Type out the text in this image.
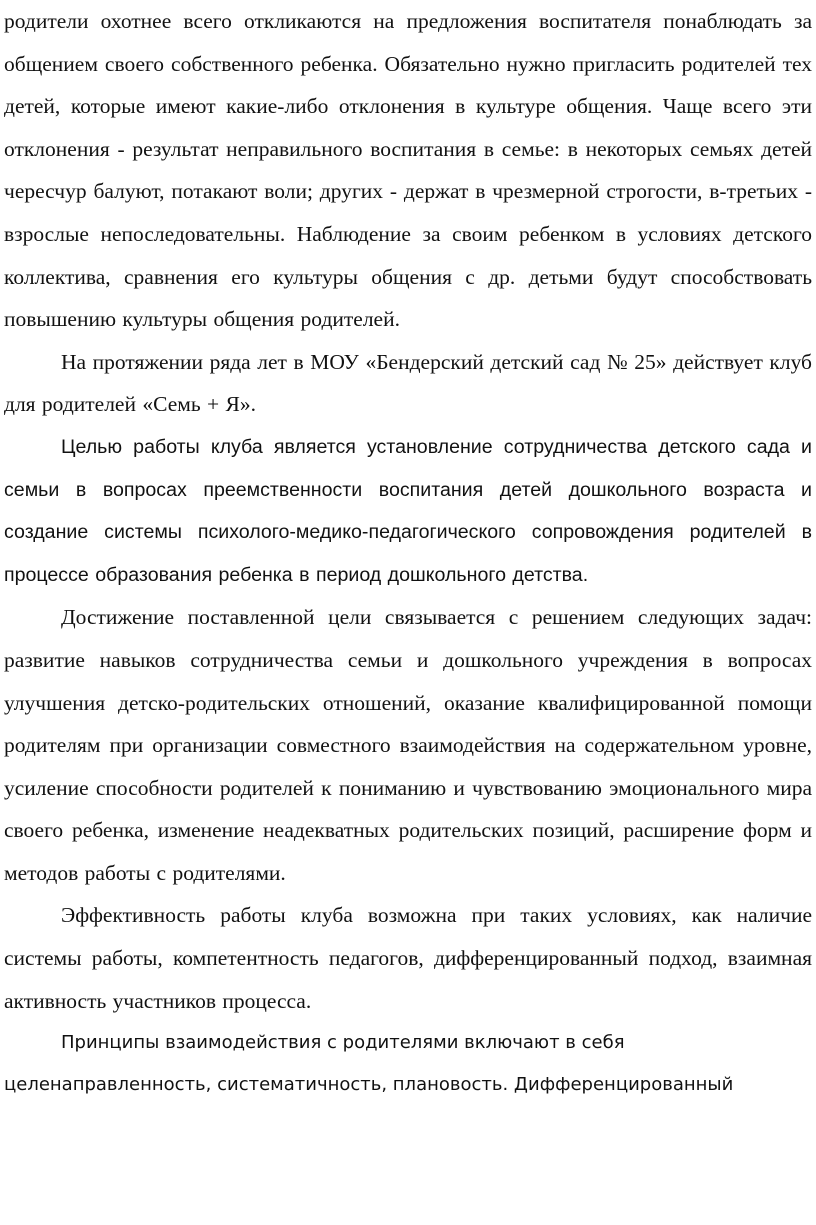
родители охотнее всего откликаются на предложения воспитателя понаблюдать за общением своего собственного ребенка. Обязательно нужно пригласить родителей тех детей, которые имеют какие-либо отклонения в культуре общения. Чаще всего эти отклонения - результат неправильного воспитания в семье: в некоторых семьях детей чересчур балуют, потакают воли; других - держат в чрезмерной строгости, в-третьих - взрослые непоследовательны. Наблюдение за своим ребенком в условиях детского коллектива, сравнения его культуры общения с др. детьми будут способствовать повышению культуры общения родителей.

На протяжении ряда лет в МОУ «Бендерский детский сад № 25» действует клуб для родителей «Семь + Я».

Целью работы клуба является установление сотрудничества детского сада и семьи в вопросах преемственности воспитания детей дошкольного возраста и создание системы психолого-медико-педагогического сопровождения родителей в процессе образования ребенка в период дошкольного детства.

Достижение поставленной цели связывается с решением следующих задач: развитие навыков сотрудничества семьи и дошкольного учреждения в вопросах улучшения детско-родительских отношений, оказание квалифицированной помощи родителям при организации совместного взаимодействия на содержательном уровне, усиление способности родителей к пониманию и чувствованию эмоционального мира своего ребенка, изменение неадекватных родительских позиций, расширение форм и методов работы с родителями.

Эффективность работы клуба возможна при таких условиях, как наличие системы работы, компетентность педагогов, дифференцированный подход, взаимная активность участников процесса.

Принципы взаимодействия с родителями включают в себя целенаправленность, систематичность, плановость. Дифференцированный
